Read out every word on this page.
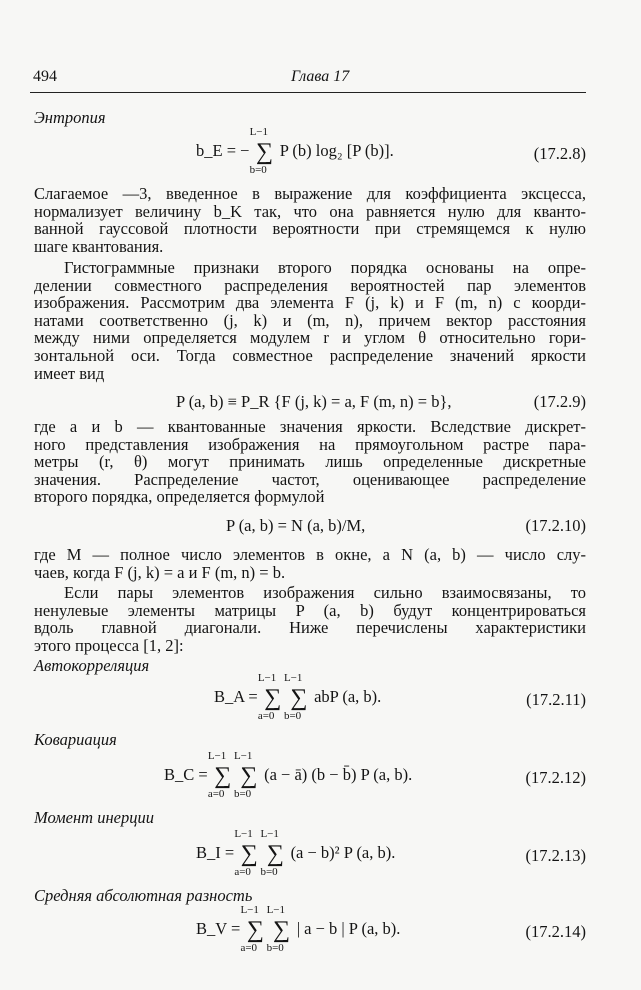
494	Глава 17
Энтропия
b_E = −
L−1
∑
b=0
P (b) log₂ [P (b)].	(17.2.8)
Слагаемое —3, введенное в выражение для коэффициента эксцесса,
нормализует величину b_K так, что она равняется нулю для кванто-
ванной гауссовой плотности вероятности при стремящемся к нулю
шаге квантования.
Гистограммные признаки второго порядка основаны на опре-
делении совместного распределения вероятностей пар элементов
изображения. Рассмотрим два элемента F (j, k) и F (m, n) с коорди-
натами соответственно (j, k) и (m, n), причем вектор расстояния
между ними определяется модулем r и углом θ относительно гори-
зонтальной оси. Тогда совместное распределение значений яркости
имеет вид
P (a, b) ≡ P_R {F (j, k) = a, F (m, n) = b},	(17.2.9)
где a и b — квантованные значения яркости. Вследствие дискрет-
ного представления изображения на прямоугольном растре пара-
метры (r, θ) могут принимать лишь определенные дискретные
значения. Распределение частот, оценивающее распределение
второго порядка, определяется формулой
P (a, b) = N (a, b)/M,	(17.2.10)
где M — полное число элементов в окне, а N (a, b) — число слу-
чаев, когда F (j, k) = a и F (m, n) = b.
Если пары элементов изображения сильно взаимосвязаны, то
ненулевые элементы матрицы P (a, b) будут концентрироваться
вдоль главной диагонали. Ниже перечислены характеристики
этого процесса [1, 2]:
Автокорреляция
B_A =
L−1
∑
a=0

L−1
∑
b=0
abP (a, b).	(17.2.11)
Ковариация
B_C =
L−1
∑
a=0

L−1
∑
b=0
(a − ā) (b − b̄) P (a, b).	(17.2.12)
Момент инерции
B_I =
L−1
∑
a=0

L−1
∑
b=0
(a − b)² P (a, b).	(17.2.13)
Средняя абсолютная разность
B_V =
L−1
∑
a=0

L−1
∑
b=0
| a − b | P (a, b).	(17.2.14)
